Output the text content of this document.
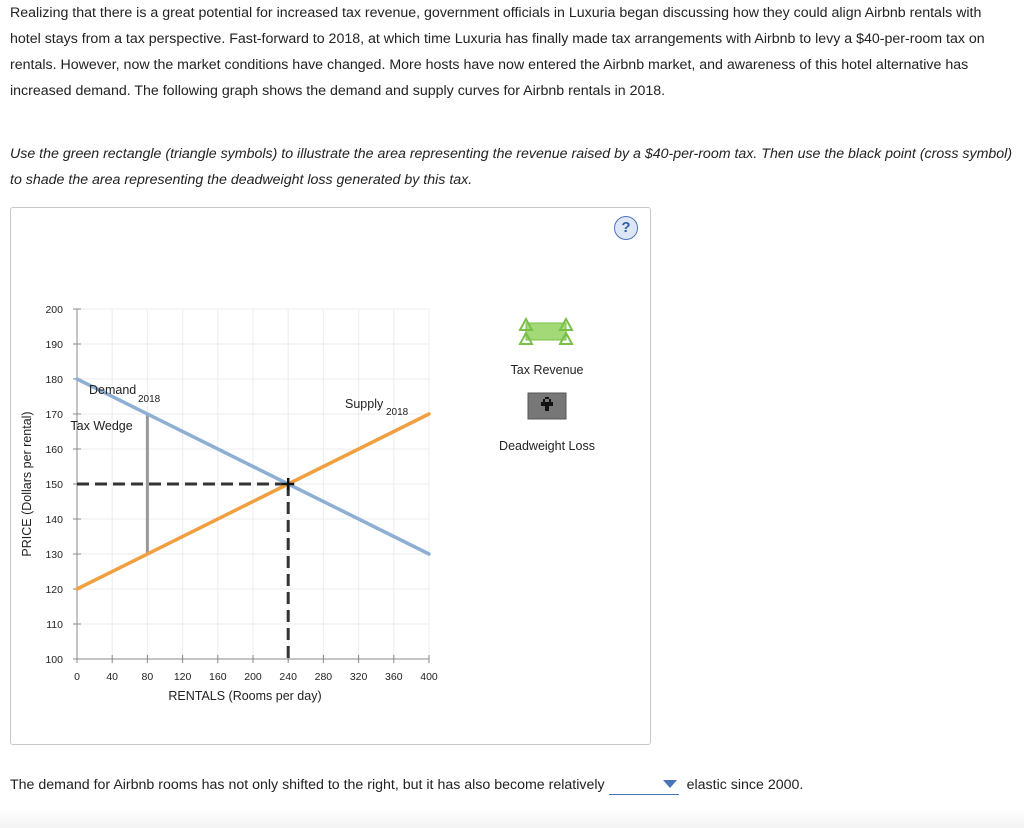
Realizing that there is a great potential for increased tax revenue, government officials in Luxuria began discussing how they could align Airbnb rentals with hotel stays from a tax perspective. Fast-forward to 2018, at which time Luxuria has finally made tax arrangements with Airbnb to levy a $40-per-room tax on rentals. However, now the market conditions have changed. More hosts have now entered the Airbnb market, and awareness of this hotel alternative has increased demand. The following graph shows the demand and supply curves for Airbnb rentals in 2018.
Use the green rectangle (triangle symbols) to illustrate the area representing the revenue raised by a $40-per-room tax. Then use the black point (cross symbol) to shade the area representing the deadweight loss generated by this tax.
?
100
110
120
130
140
150
160
170
180
190
200
0	40 80 120 160 200 240 280 320 360 400
Tax Wedge
Demand
2018	Supply
2018
PRICE (Dollars per rental)
RENTALS (Rooms per day)
Tax Revenue
Deadweight Loss
The demand for Airbnb rooms has not only shifted to the right, but it has also become relatively	elastic since 2000.
